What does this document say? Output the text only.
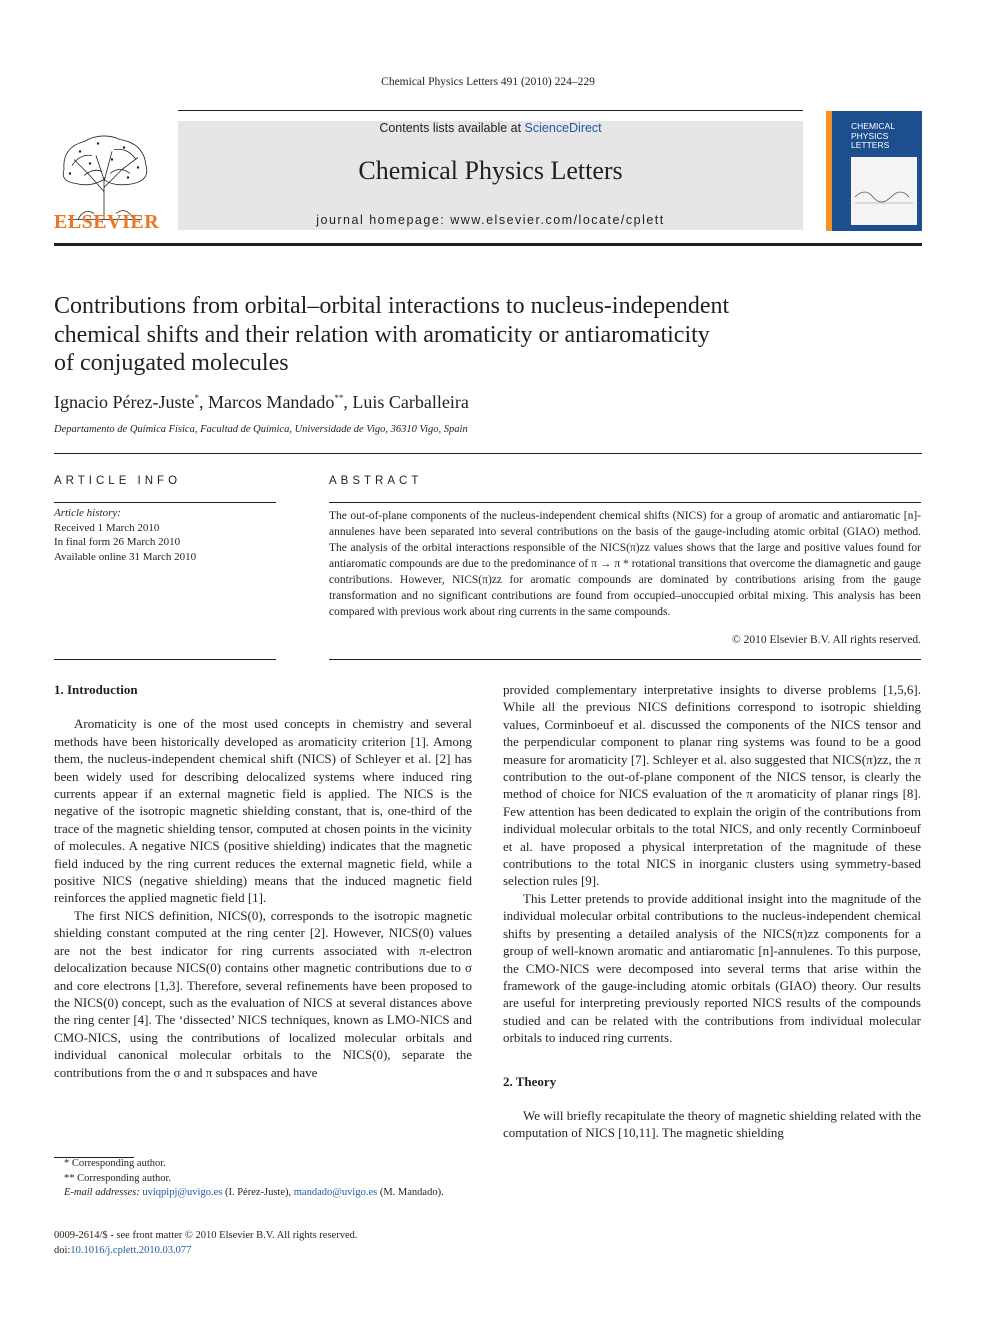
Chemical Physics Letters 491 (2010) 224–229
ELSEVIER
Contents lists available at ScienceDirect
Chemical Physics Letters
journal homepage: www.elsevier.com/locate/cplett
CHEMICAL
PHYSICS
LETTERS
Contributions from orbital–orbital interactions to nucleus-independent
chemical shifts and their relation with aromaticity or antiaromaticity
of conjugated molecules
Ignacio Pérez-Juste*, Marcos Mandado**, Luis Carballeira
Departamento de Química Física, Facultad de Química, Universidade de Vigo, 36310 Vigo, Spain
ARTICLE INFO
Article history:
Received 1 March 2010
In final form 26 March 2010
Available online 31 March 2010
ABSTRACT
The out-of-plane components of the nucleus-independent chemical shifts (NICS) for a group of aromatic and antiaromatic [n]-annulenes have been separated into several contributions on the basis of the gauge-including atomic orbital (GIAO) method. The analysis of the orbital interactions responsible of the NICS(π)zz values shows that the large and positive values found for antiaromatic compounds are due to the predominance of π → π * rotational transitions that overcome the diamagnetic and gauge contributions. However, NICS(π)zz for aromatic compounds are dominated by contributions arising from the gauge transformation and no significant contributions are found from occupied–unoccupied orbital mixing. This analysis has been compared with previous work about ring currents in the same compounds.
© 2010 Elsevier B.V. All rights reserved.
1. Introduction

Aromaticity is one of the most used concepts in chemistry and several methods have been historically developed as aromaticity criterion [1]. Among them, the nucleus-independent chemical shift (NICS) of Schleyer et al. [2] has been widely used for describing delocalized systems where induced ring currents appear if an external magnetic field is applied. The NICS is the negative of the isotropic magnetic shielding constant, that is, one-third of the trace of the magnetic shielding tensor, computed at chosen points in the vicinity of molecules. A negative NICS (positive shielding) indicates that the magnetic field induced by the ring current reduces the external magnetic field, while a positive NICS (negative shielding) means that the induced magnetic field reinforces the applied magnetic field [1].

The first NICS definition, NICS(0), corresponds to the isotropic magnetic shielding constant computed at the ring center [2]. However, NICS(0) values are not the best indicator for ring currents associated with π-electron delocalization because NICS(0) contains other magnetic contributions due to σ and core electrons [1,3]. Therefore, several refinements have been proposed to the NICS(0) concept, such as the evaluation of NICS at several distances above the ring center [4]. The ‘dissected’ NICS techniques, known as LMO-NICS and CMO-NICS, using the contributions of localized molecular orbitals and individual canonical molecular orbitals to the NICS(0), separate the contributions from the σ and π subspaces and have

* Corresponding author.
** Corresponding author.
E-mail addresses: uviqpipj@uvigo.es (I. Pérez-Juste), mandado@uvigo.es (M. Mandado).
0009-2614/$ - see front matter © 2010 Elsevier B.V. All rights reserved.
doi:10.1016/j.cplett.2010.03.077

provided complementary interpretative insights to diverse problems [1,5,6]. While all the previous NICS definitions correspond to isotropic shielding values, Corminboeuf et al. discussed the components of the NICS tensor and the perpendicular component to planar ring systems was found to be a good measure for aromaticity [7]. Schleyer et al. also suggested that NICS(π)zz, the π contribution to the out-of-plane component of the NICS tensor, is clearly the method of choice for NICS evaluation of the π aromaticity of planar rings [8]. Few attention has been dedicated to explain the origin of the contributions from individual molecular orbitals to the total NICS, and only recently Corminboeuf et al. have proposed a physical interpretation of the magnitude of these contributions to the total NICS in inorganic clusters using symmetry-based selection rules [9].

This Letter pretends to provide additional insight into the magnitude of the individual molecular orbital contributions to the nucleus-independent chemical shifts by presenting a detailed analysis of the NICS(π)zz components for a group of well-known aromatic and antiaromatic [n]-annulenes. To this purpose, the CMO-NICS were decomposed into several terms that arise within the framework of the gauge-including atomic orbitals (GIAO) theory. Our results are useful for interpreting previously reported NICS results of the compounds studied and can be related with the contributions from individual molecular orbitals to induced ring currents.

2. Theory

We will briefly recapitulate the theory of magnetic shielding related with the computation of NICS [10,11]. The magnetic shielding
